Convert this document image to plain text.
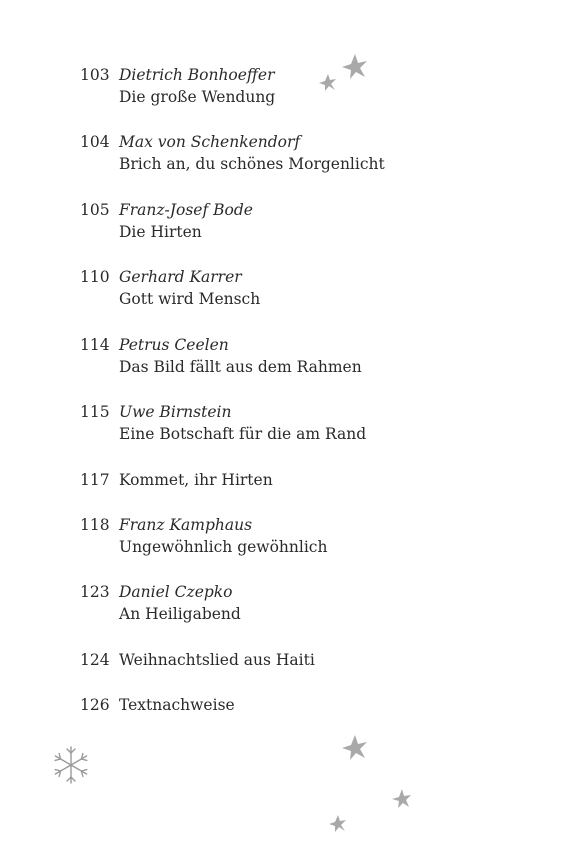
103 Dietrich Bonhoeffer
Die große Wendung
104 Max von Schenkendorf
Brich an, du schönes Morgenlicht
105 Franz-Josef Bode
Die Hirten
110 Gerhard Karrer
Gott wird Mensch
114 Petrus Ceelen
Das Bild fällt aus dem Rahmen
115 Uwe Birnstein
Eine Botschaft für die am Rand
117 Kommet, ihr Hirten
118 Franz Kamphaus
Ungewöhnlich gewöhnlich
123 Daniel Czepko
An Heiligabend
124 Weihnachtslied aus Haiti
126 Textnachweise
